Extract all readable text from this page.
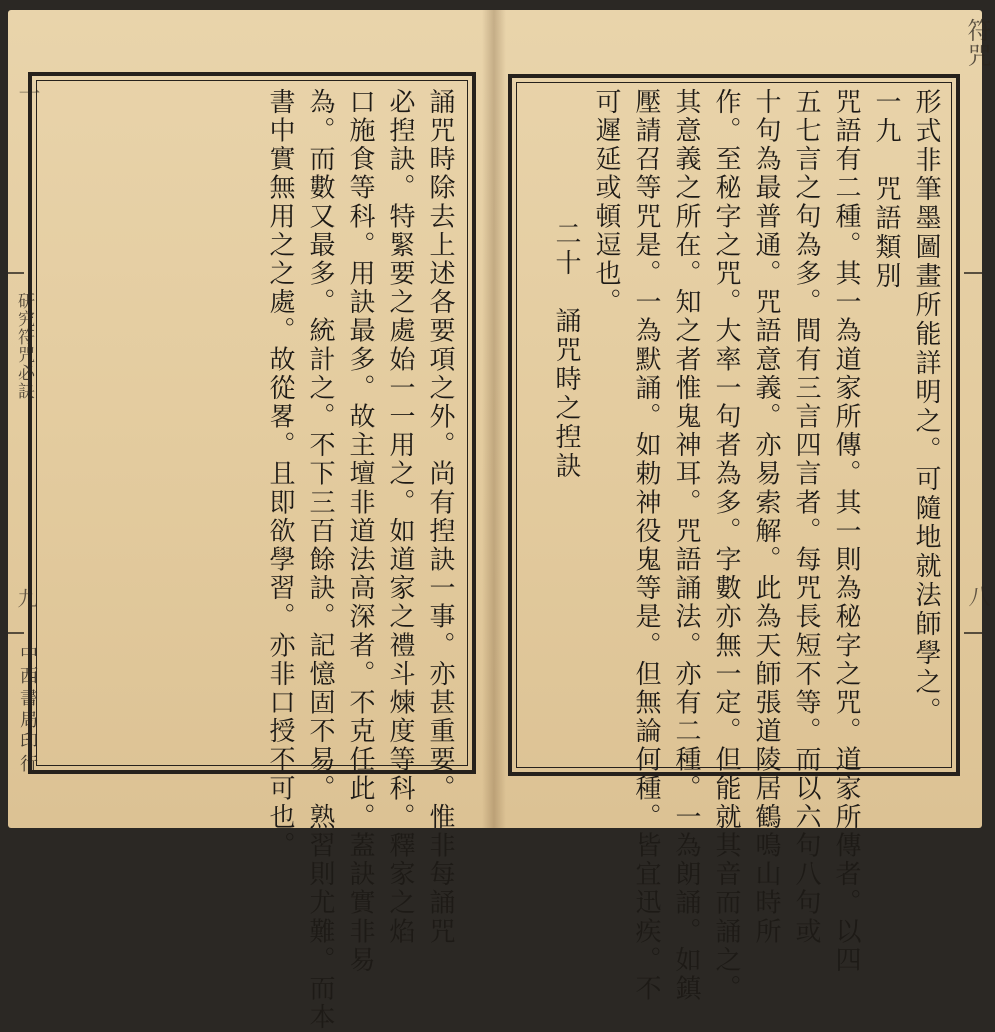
誦咒時除去上述各要項之外。尚有揑訣一事。亦甚重要。惟非每誦咒
必揑訣。特緊要之處始一一用之。如道家之禮斗煉度等科。釋家之焰
口施食等科。用訣最多。故主壇非道法高深者。不克任此。蓋訣實非易
為。而數又最多。統計之。不下三百餘訣。記憶固不易。熟習則尤難。而本
書中實無用之之處。故從畧。且即欲學習。亦非口授不可也。
一
研究符咒必訣
九
中西書局印行	形式非筆墨圖畫所能詳明之。可隨地就法師學之。
一九　咒語類別
咒語有二種。其一為道家所傳。其一則為秘字之咒。道家所傳者。以四
五七言之句為多。間有三言四言者。每咒長短不等。而以六句八句或
十句為最普通。咒語意義。亦易索解。此為天師張道陵居鶴鳴山時所
作。至秘字之咒。大率一句者為多。字數亦無一定。但能就其音而誦之。
其意義之所在。知之者惟鬼神耳。咒語誦法。亦有二種。一為朗誦。如鎮
壓請召等咒是。一為默誦。如勅神役鬼等是。但無論何種。皆宜迅疾。不
可遲延或頓逗也。
二十　誦咒時之揑訣
符咒
八
